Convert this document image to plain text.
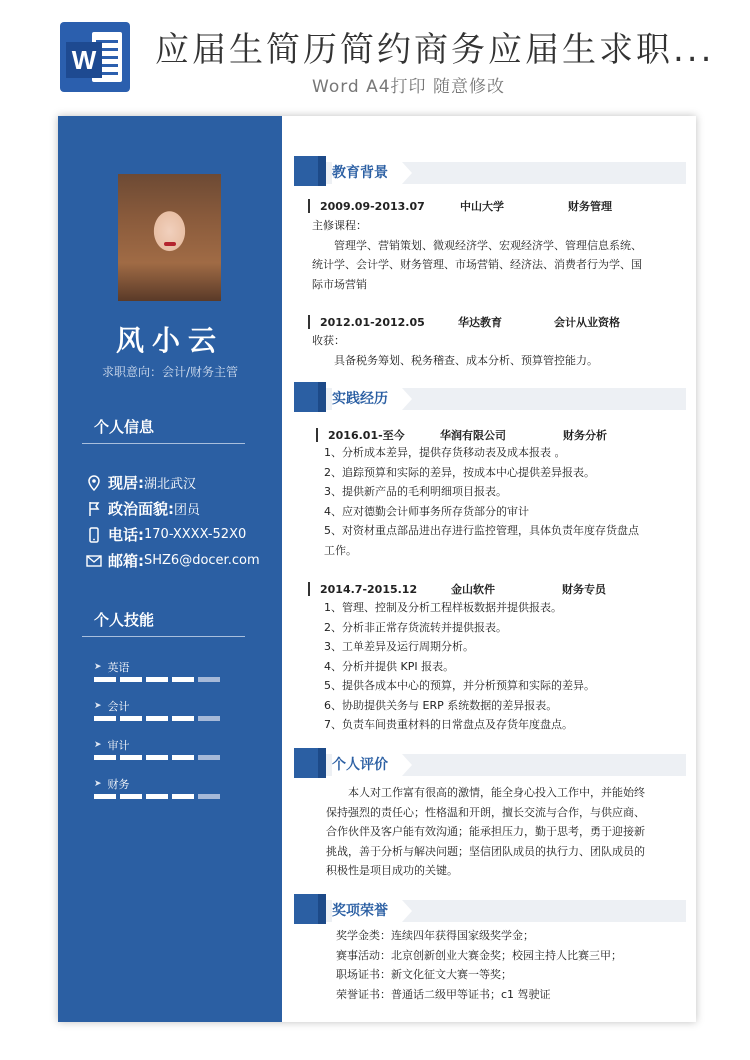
W 应届生简历简约商务应届生求职...
Word A4打印 随意修改
风小云
求职意向：会计/财务主管
个人信息
现居: 湖北武汉
政治面貌: 团员
电话: 170-XXXX-52X0
邮箱: SHZ6@docer.com
个人技能
➤ 英语
➤ 会计
➤ 审计
➤ 财务
教育背景
2009.09-2013.07	中山大学	财务管理
主修课程：
　　管理学、营销策划、微观经济学、宏观经济学、管理信息系统、
统计学、会计学、财务管理、市场营销、经济法、消费者行为学、国
际市场营销
2012.01-2012.05	华达教育	会计从业资格
收获：
　　具备税务筹划、税务稽查、成本分析、预算管控能力。
实践经历
2016.01-至今	华润有限公司	财务分析
1、分析成本差异，提供存货移动表及成本报表 。
2、追踪预算和实际的差异，按成本中心提供差异报表。
3、提供新产品的毛利明细项目报表。
4、应对德勤会计师事务所存货部分的审计
5、对资材重点部品进出存进行监控管理，具体负责年度存货盘点
工作。
2014.7-2015.12	金山软件	财务专员
1、管理、控制及分析工程样板数据并提供报表。
2、分析非正常存货流转并提供报表。
3、工单差异及运行周期分析。
4、分析并提供 KPI 报表。
5、提供各成本中心的预算，并分析预算和实际的差异。
6、协助提供关务与 ERP 系统数据的差异报表。
7、负责车间贵重材料的日常盘点及存货年度盘点。
个人评价
　　本人对工作富有很高的激情，能全身心投入工作中，并能始终
保持强烈的责任心；性格温和开朗，擅长交流与合作，与供应商、
合作伙伴及客户能有效沟通；能承担压力，勤于思考，勇于迎接新
挑战，善于分析与解决问题；坚信团队成员的执行力、团队成员的
积极性是项目成功的关键。
奖项荣誉
奖学金类：连续四年获得国家级奖学金；
赛事活动：北京创新创业大赛金奖；校园主持人比赛三甲；
职场证书：新文化征文大赛一等奖；
荣誉证书：普通话二级甲等证书；c1 驾驶证
